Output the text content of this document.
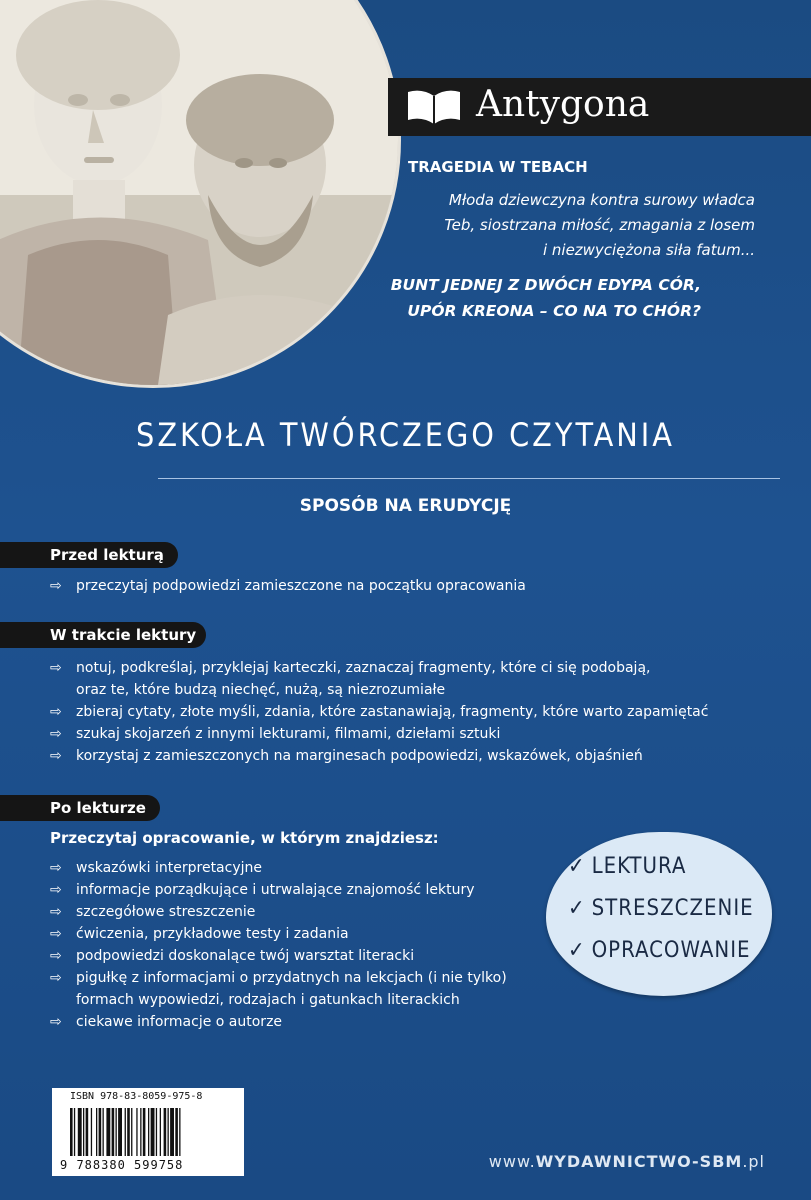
Antygona
TRAGEDIA W TEBACH
Młoda dziewczyna kontra surowy władca
Teb, siostrzana miłość, zmagania z losem
i niezwyciężona siła fatum...
BUNT JEDNEJ Z DWÓCH EDYPA CÓR,
UPÓR KREONA – CO NA TO CHÓR?
SZKOŁA TWÓRCZEGO CZYTANIA
SPOSÓB NA ERUDYCJĘ
Przed lekturą
⇨ przeczytaj podpowiedzi zamieszczone na początku opracowania
W trakcie lektury
⇨ notuj, podkreślaj, przyklejaj karteczki, zaznaczaj fragmenty, które ci się podobają,
oraz te, które budzą niechęć, nużą, są niezrozumiałe
⇨ zbieraj cytaty, złote myśli, zdania, które zastanawiają, fragmenty, które warto zapamiętać
⇨ szukaj skojarzeń z innymi lekturami, filmami, dziełami sztuki
⇨ korzystaj z zamieszczonych na marginesach podpowiedzi, wskazówek, objaśnień
Po lekturze
Przeczytaj opracowanie, w którym znajdziesz:
⇨ wskazówki interpretacyjne
⇨ informacje porządkujące i utrwalające znajomość lektury
⇨ szczegółowe streszczenie
⇨ ćwiczenia, przykładowe testy i zadania
⇨ podpowiedzi doskonalące twój warsztat literacki
⇨ pigułkę z informacjami o przydatnych na lekcjach (i nie tylko)
formach wypowiedzi, rodzajach i gatunkach literackich
⇨ ciekawe informacje o autorze
✓ LEKTURA
✓ STRESZCZENIE
✓ OPRACOWANIE
ISBN 978-83-8059-975-8
9 788380 599758	www.WYDAWNICTWO-SBM.pl
